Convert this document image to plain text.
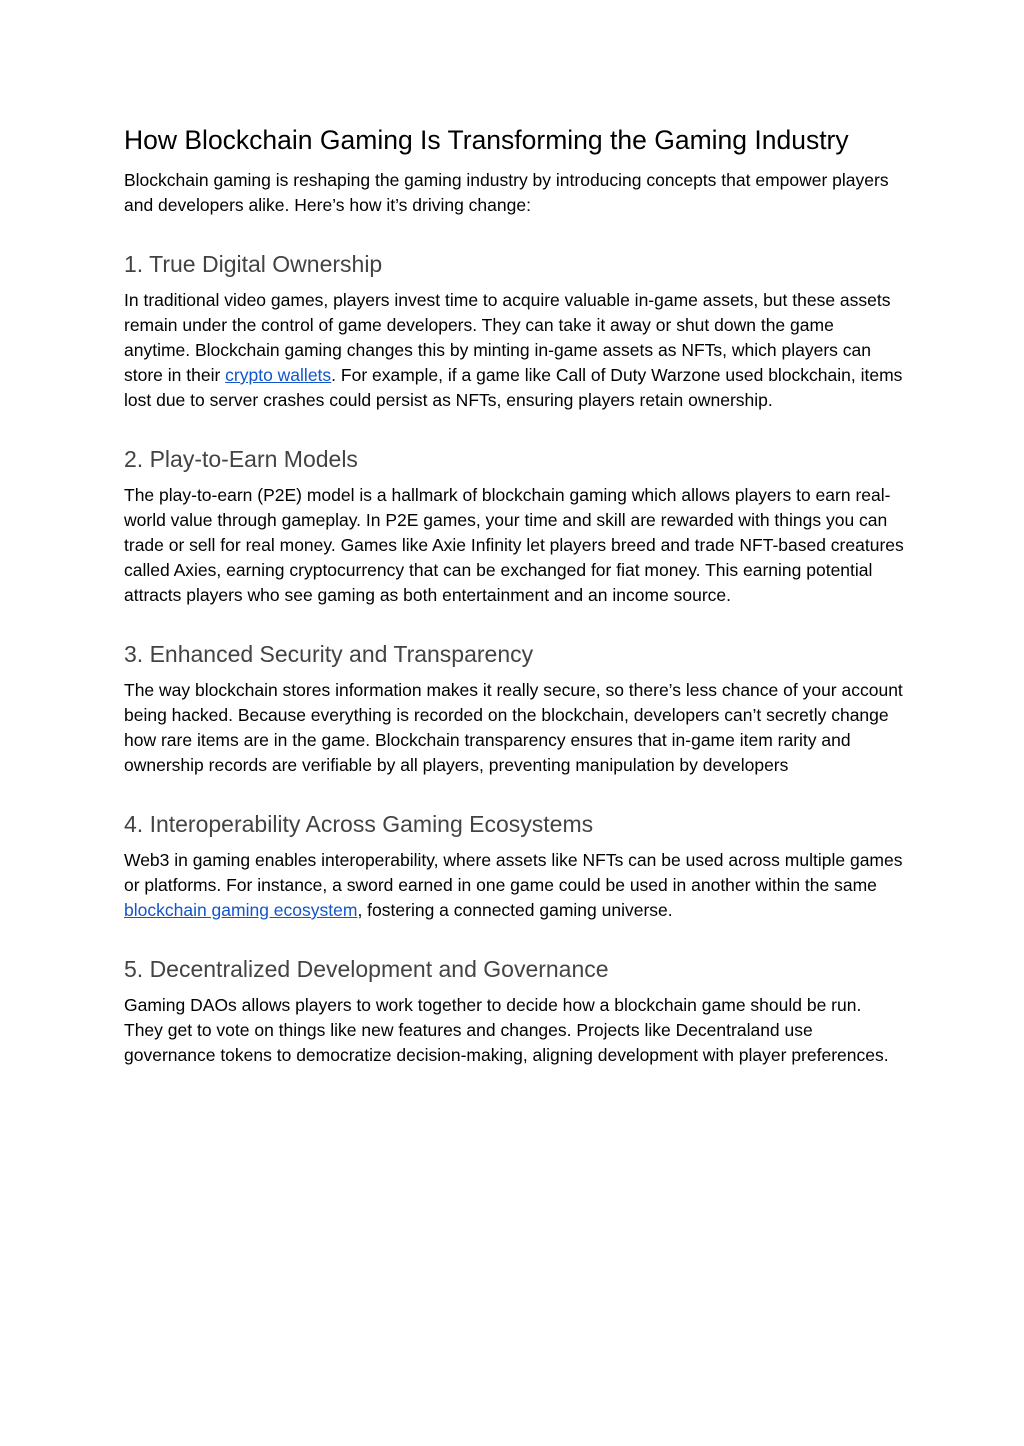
How Blockchain Gaming Is Transforming the Gaming Industry

Blockchain gaming is reshaping the gaming industry by introducing concepts that empower players and developers alike. Here’s how it’s driving change:

1. True Digital Ownership

In traditional video games, players invest time to acquire valuable in-game assets, but these assets remain under the control of game developers. They can take it away or shut down the game anytime. Blockchain gaming changes this by minting in-game assets as NFTs, which players can store in their crypto wallets. For example, if a game like Call of Duty Warzone used blockchain, items lost due to server crashes could persist as NFTs, ensuring players retain ownership.

2. Play-to-Earn Models

The play-to-earn (P2E) model is a hallmark of blockchain gaming which allows players to earn real-world value through gameplay. In P2E games, your time and skill are rewarded with things you can trade or sell for real money. Games like Axie Infinity let players breed and trade NFT-based creatures called Axies, earning cryptocurrency that can be exchanged for fiat money. This earning potential attracts players who see gaming as both entertainment and an income source.

3. Enhanced Security and Transparency

The way blockchain stores information makes it really secure, so there’s less chance of your account being hacked. Because everything is recorded on the blockchain, developers can’t secretly change how rare items are in the game. Blockchain transparency ensures that in-game item rarity and ownership records are verifiable by all players, preventing manipulation by developers

4. Interoperability Across Gaming Ecosystems

Web3 in gaming enables interoperability, where assets like NFTs can be used across multiple games or platforms. For instance, a sword earned in one game could be used in another within the same blockchain gaming ecosystem, fostering a connected gaming universe.

5. Decentralized Development and Governance

Gaming DAOs allows players to work together to decide how a blockchain game should be run. They get to vote on things like new features and changes. Projects like Decentraland use governance tokens to democratize decision-making, aligning development with player preferences.
